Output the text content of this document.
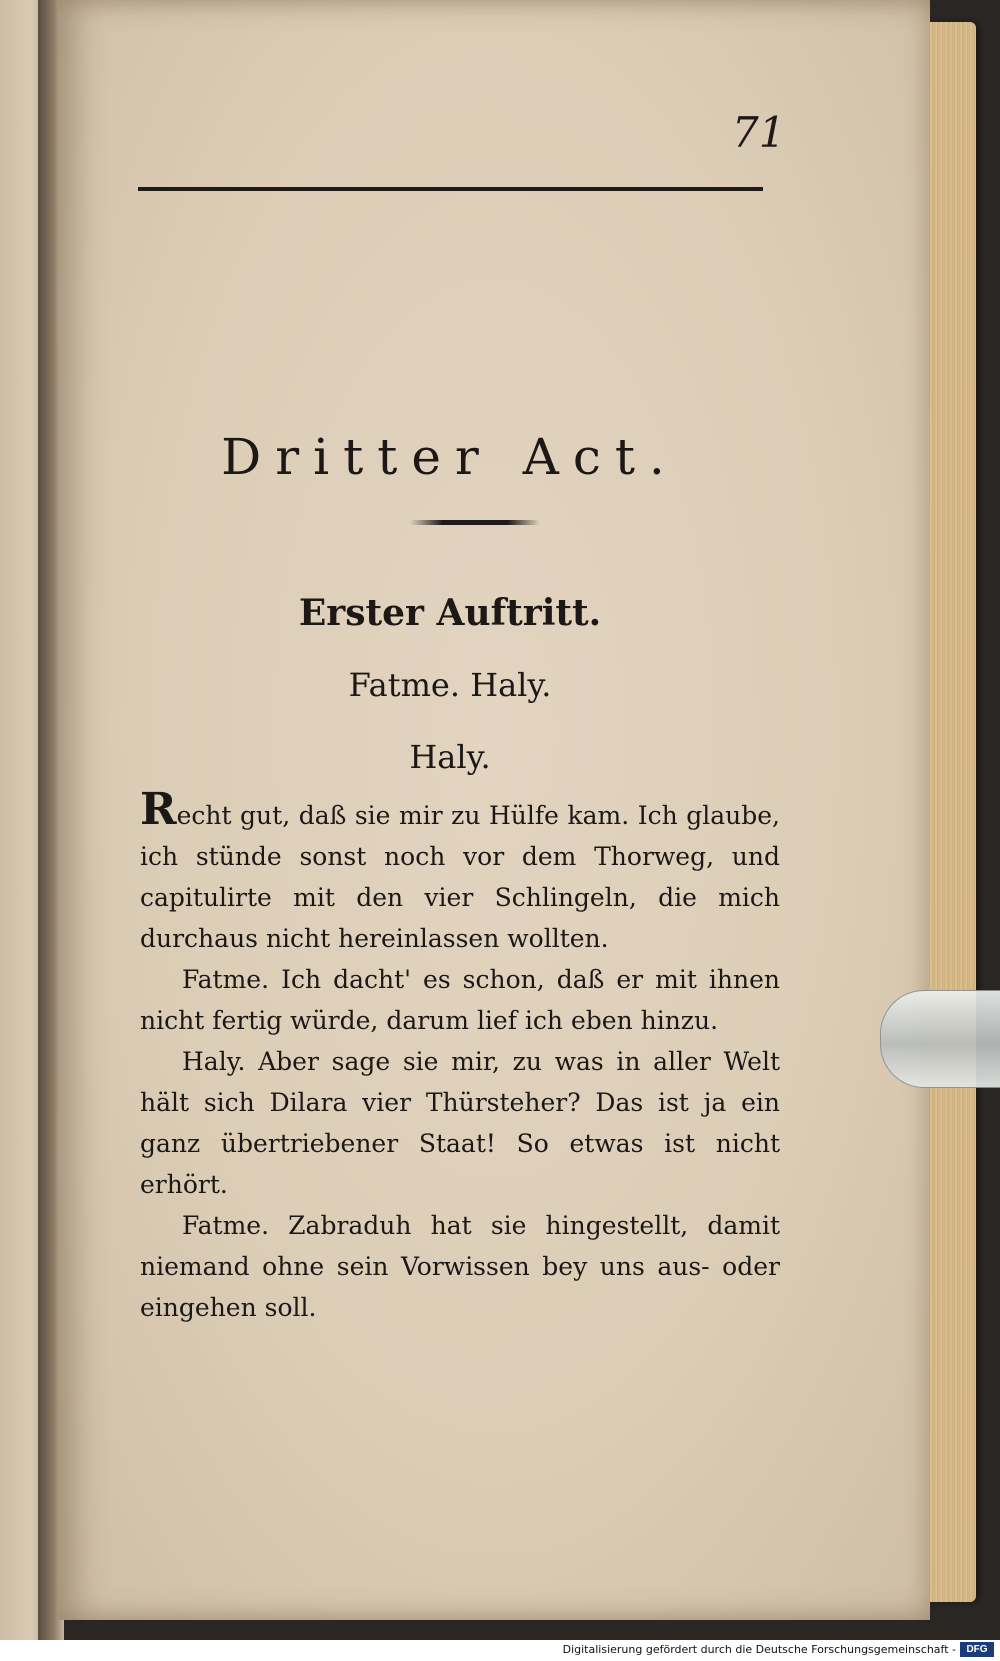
71
Dritter Act.
Erster Auftritt.
Fatme. Haly.
Haly.

Recht gut, daß sie mir zu Hülfe kam. Ich glaube, ich stünde sonst noch vor dem Thorweg, und capitulirte mit den vier Schlingeln, die mich durchaus nicht hereinlassen wollten.

Fatme. Ich dacht' es schon, daß er mit ihnen nicht fertig würde, darum lief ich eben hinzu.

Haly. Aber sage sie mir, zu was in aller Welt hält sich Dilara vier Thürsteher? Das ist ja ein ganz übertriebener Staat! So etwas ist nicht erhört.

Fatme. Zabraduh hat sie hingestellt, damit niemand ohne sein Vorwissen bey uns aus- oder eingehen soll.

Digitalisierung gefördert durch die Deutsche Forschungsgemeinschaft -	DFG
